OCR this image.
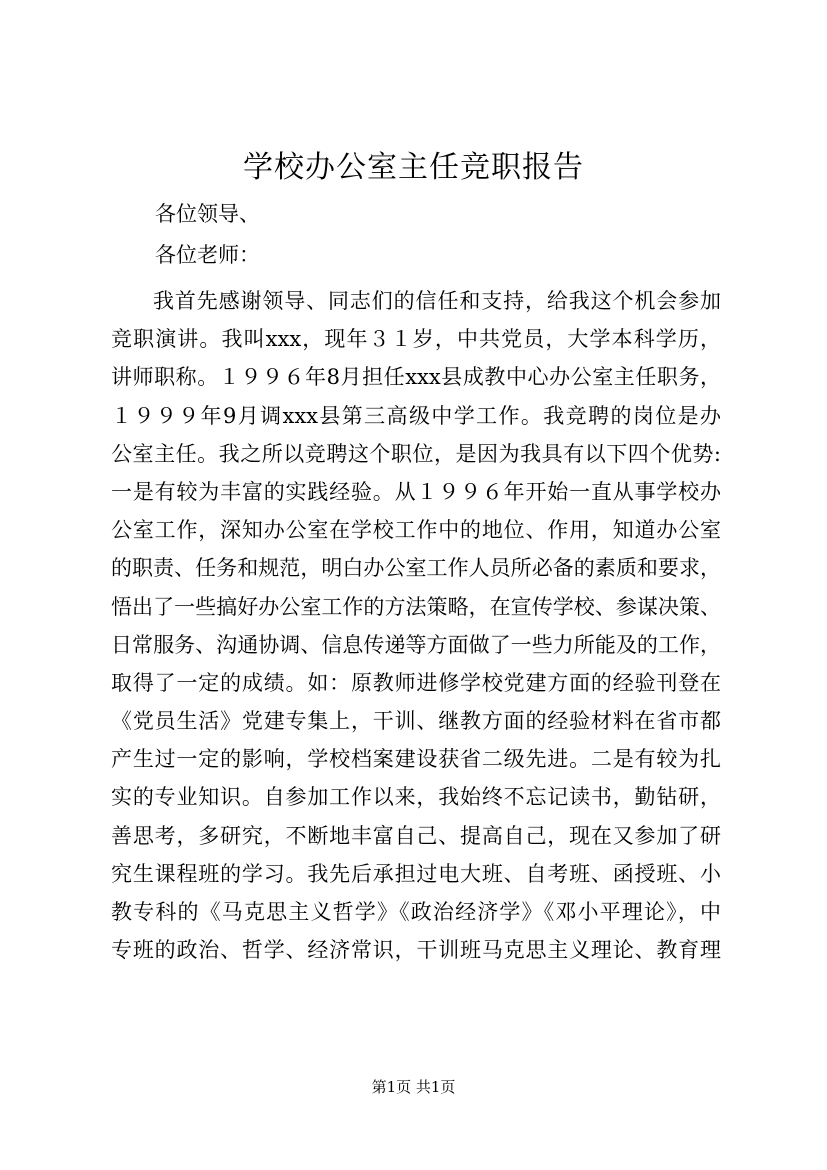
学校办公室主任竞职报告

各位领导、

各位老师：

我首先感谢领导、同志们的信任和支持，给我这个机会参加
竞职演讲。我叫xxx，现年３１岁，中共党员，大学本科学历，
讲师职称。１９９６年8月担任xxx县成教中心办公室主任职务，
１９９９年9月调xxx县第三高级中学工作。我竞聘的岗位是办
公室主任。我之所以竞聘这个职位，是因为我具有以下四个优势:
一是有较为丰富的实践经验。从１９９６年开始一直从事学校办
公室工作，深知办公室在学校工作中的地位、作用，知道办公室
的职责、任务和规范，明白办公室工作人员所必备的素质和要求，
悟出了一些搞好办公室工作的方法策略，在宣传学校、参谋决策、
日常服务、沟通协调、信息传递等方面做了一些力所能及的工作，
取得了一定的成绩。如：原教师进修学校党建方面的经验刊登在
《党员生活》党建专集上，干训、继教方面的经验材料在省市都
产生过一定的影响，学校档案建设获省二级先进。二是有较为扎
实的专业知识。自参加工作以来，我始终不忘记读书，勤钻研，
善思考，多研究，不断地丰富自己、提高自己，现在又参加了研
究生课程班的学习。我先后承担过电大班、自考班、函授班、小
教专科的《马克思主义哲学》《政治经济学》《邓小平理论》，中
专班的政治、哲学、经济常识，干训班马克思主义理论、教育理

第1页 共1页
